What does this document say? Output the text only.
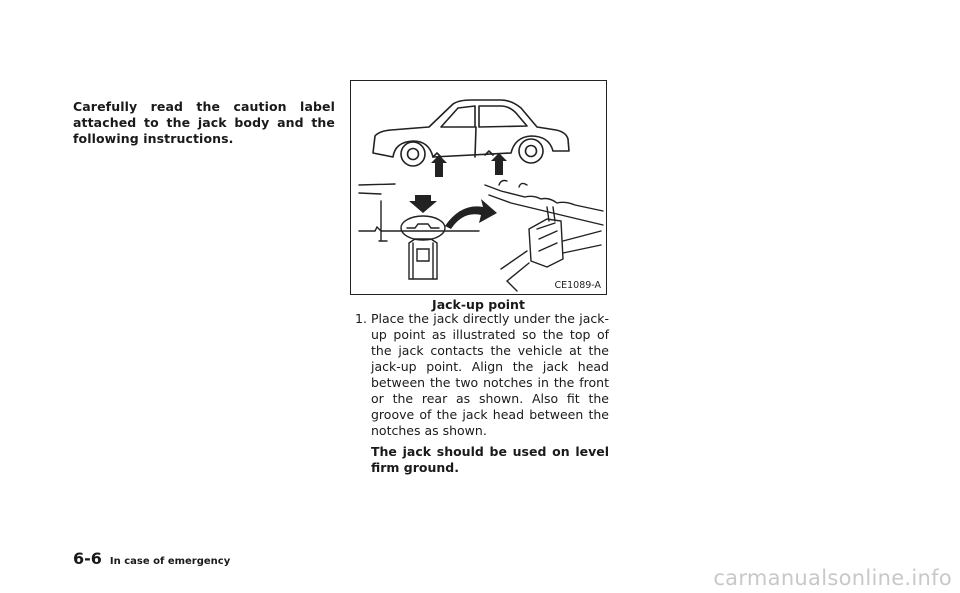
Carefully read the caution label attached to the jack body and the following instructions.

CE1089-A
Jack-up point
1. Place the jack directly under the jack-up point as illustrated so the top of the jack contacts the vehicle at the jack-up point. Align the jack head between the two notches in the front or the rear as shown. Also fit the groove of the jack head between the notches as shown.
The jack should be used on level firm ground.
6-6 In case of emergency
carmanualsonline.info
